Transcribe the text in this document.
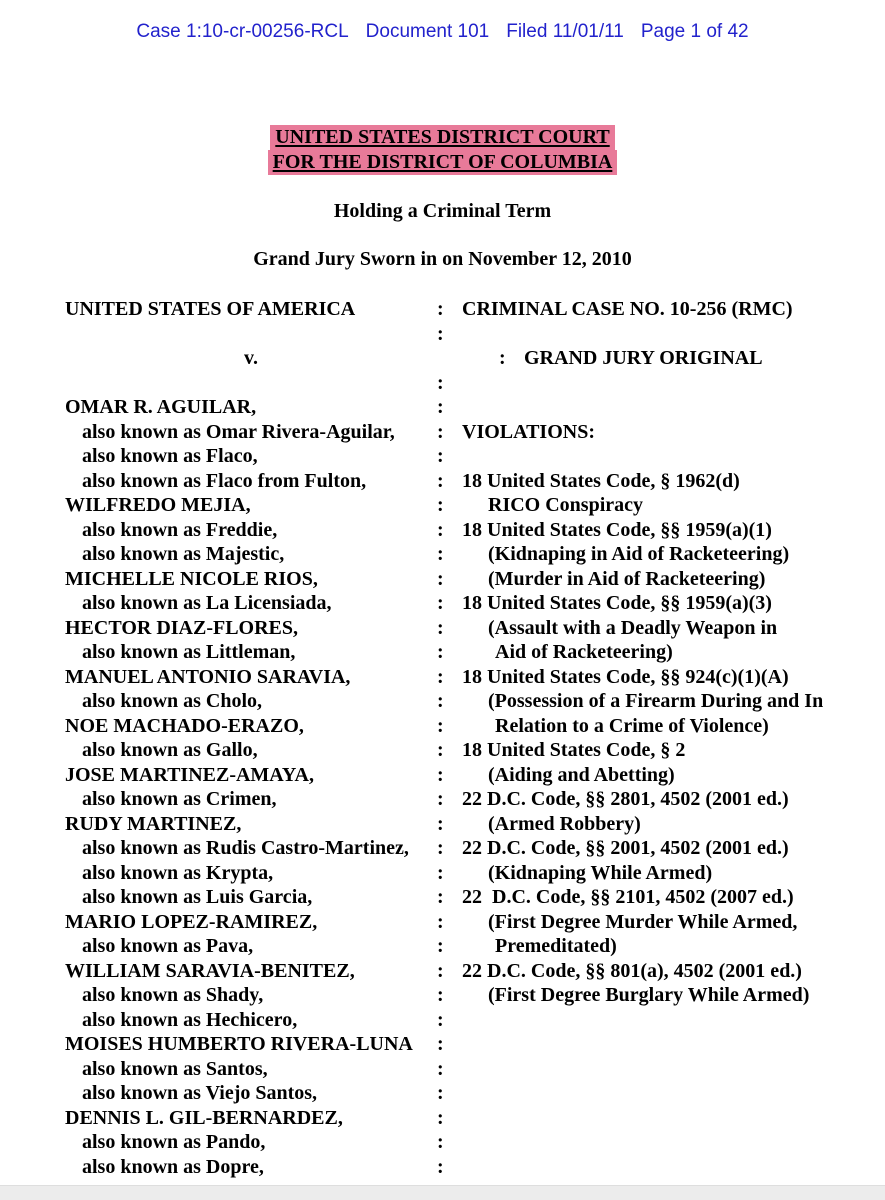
Case 1:10-cr-00256-RCL Document 101 Filed 11/01/11 Page 1 of 42
UNITED STATES DISTRICT COURT
FOR THE DISTRICT OF COLUMBIA
Holding a Criminal Term
Grand Jury Sworn in on November 12, 2010
UNITED STATES OF AMERICA	: CRIMINAL CASE NO. 10-256 (RMC)
:
v.	: GRAND JURY ORIGINAL
:
OMAR R. AGUILAR,	:
also known as Omar Rivera-Aguilar,	: VIOLATIONS:
also known as Flaco,	:
also known as Flaco from Fulton,	: 18 United States Code, § 1962(d)
WILFREDO MEJIA,	:	RICO Conspiracy
also known as Freddie,	: 18 United States Code, §§ 1959(a)(1)
also known as Majestic,	:	(Kidnaping in Aid of Racketeering)
MICHELLE NICOLE RIOS,	:	(Murder in Aid of Racketeering)
also known as La Licensiada,	: 18 United States Code, §§ 1959(a)(3)
HECTOR DIAZ-FLORES,	:	(Assault with a Deadly Weapon in
also known as Littleman,	:	Aid of Racketeering)
MANUEL ANTONIO SARAVIA,	: 18 United States Code, §§ 924(c)(1)(A)
also known as Cholo,	:	(Possession of a Firearm During and In
NOE MACHADO-ERAZO,	:	Relation to a Crime of Violence)
also known as Gallo,	: 18 United States Code, § 2
JOSE MARTINEZ-AMAYA,	:	(Aiding and Abetting)
also known as Crimen,	: 22 D.C. Code, §§ 2801, 4502 (2001 ed.)
RUDY MARTINEZ,	:	(Armed Robbery)
also known as Rudis Castro-Martinez,	: 22 D.C. Code, §§ 2001, 4502 (2001 ed.)
also known as Krypta,	:	(Kidnaping While Armed)
also known as Luis Garcia,	: 22  D.C. Code, §§ 2101, 4502 (2007 ed.)
MARIO LOPEZ-RAMIREZ,	:	(First Degree Murder While Armed,
also known as Pava,	:	Premeditated)
WILLIAM SARAVIA-BENITEZ,	: 22 D.C. Code, §§ 801(a), 4502 (2001 ed.)
also known as Shady,	:	(First Degree Burglary While Armed)
also known as Hechicero,	:
MOISES HUMBERTO RIVERA-LUNA	:
also known as Santos,	:
also known as Viejo Santos,	:
DENNIS L. GIL-BERNARDEZ,	:
also known as Pando,	:
also known as Dopre,	:
